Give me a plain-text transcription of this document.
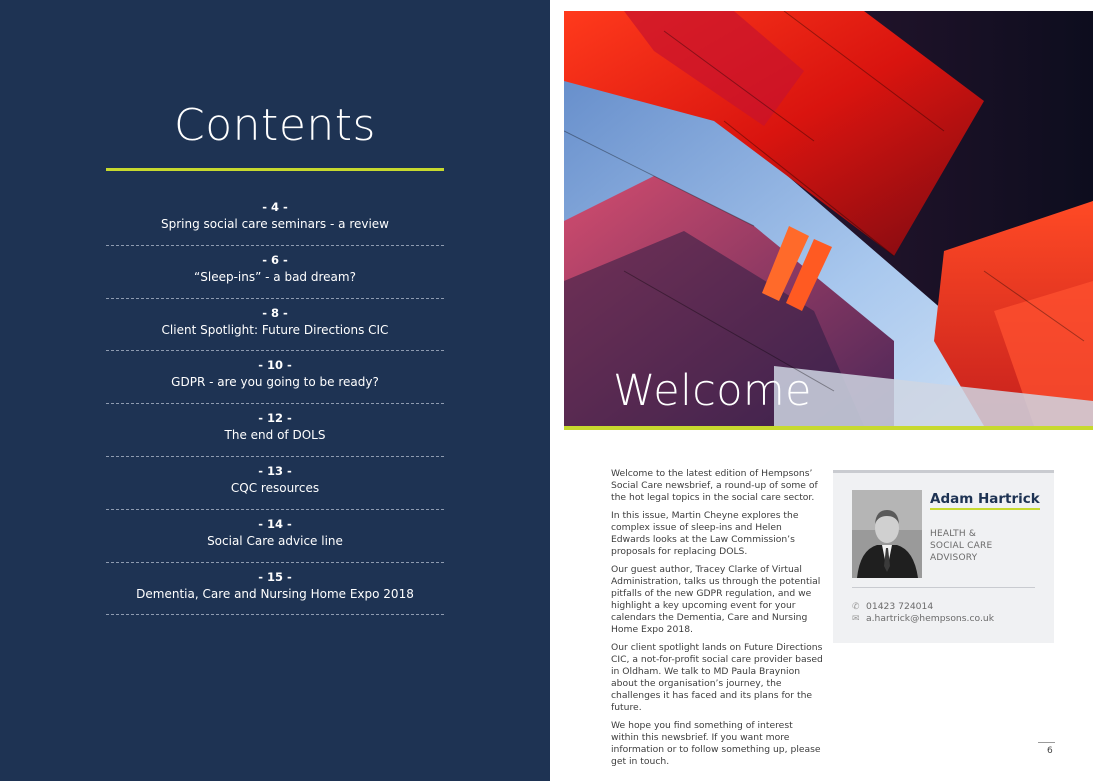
Contents
- 4 -
Spring social care seminars - a review
- 6 -
“Sleep-ins” - a bad dream?
- 8 -
Client Spotlight: Future Directions CIC
- 10 -
GDPR - are you going to be ready?
- 12 -
The end of DOLS
- 13 -
CQC resources
- 14 -
Social Care advice line
- 15 -
Dementia, Care and Nursing Home Expo 2018
Welcome

Welcome to the latest edition of Hempsons’ Social Care newsbrief, a round-up of some of the hot legal topics in the social care sector.

In this issue, Martin Cheyne explores the complex issue of sleep-ins and Helen Edwards looks at the Law Commission’s proposals for replacing DOLS.

Our guest author, Tracey Clarke of Virtual Administration, talks us through the potential pitfalls of the new GDPR regulation, and we highlight a key upcoming event for your calendars the Dementia, Care and Nursing Home Expo 2018.

Our client spotlight lands on Future Directions CIC, a not-for-profit social care provider based in Oldham. We talk to MD Paula Braynion about the organisation’s journey, the challenges it has faced and its plans for the future.

We hope you find something of interest within this newsbrief. If you want more information or to follow something up, please get in touch.

Adam Hartrick
HEALTH &
SOCIAL CARE
ADVISORY
✆ 01423 724014
✉ a.hartrick@hempsons.co.uk
6
